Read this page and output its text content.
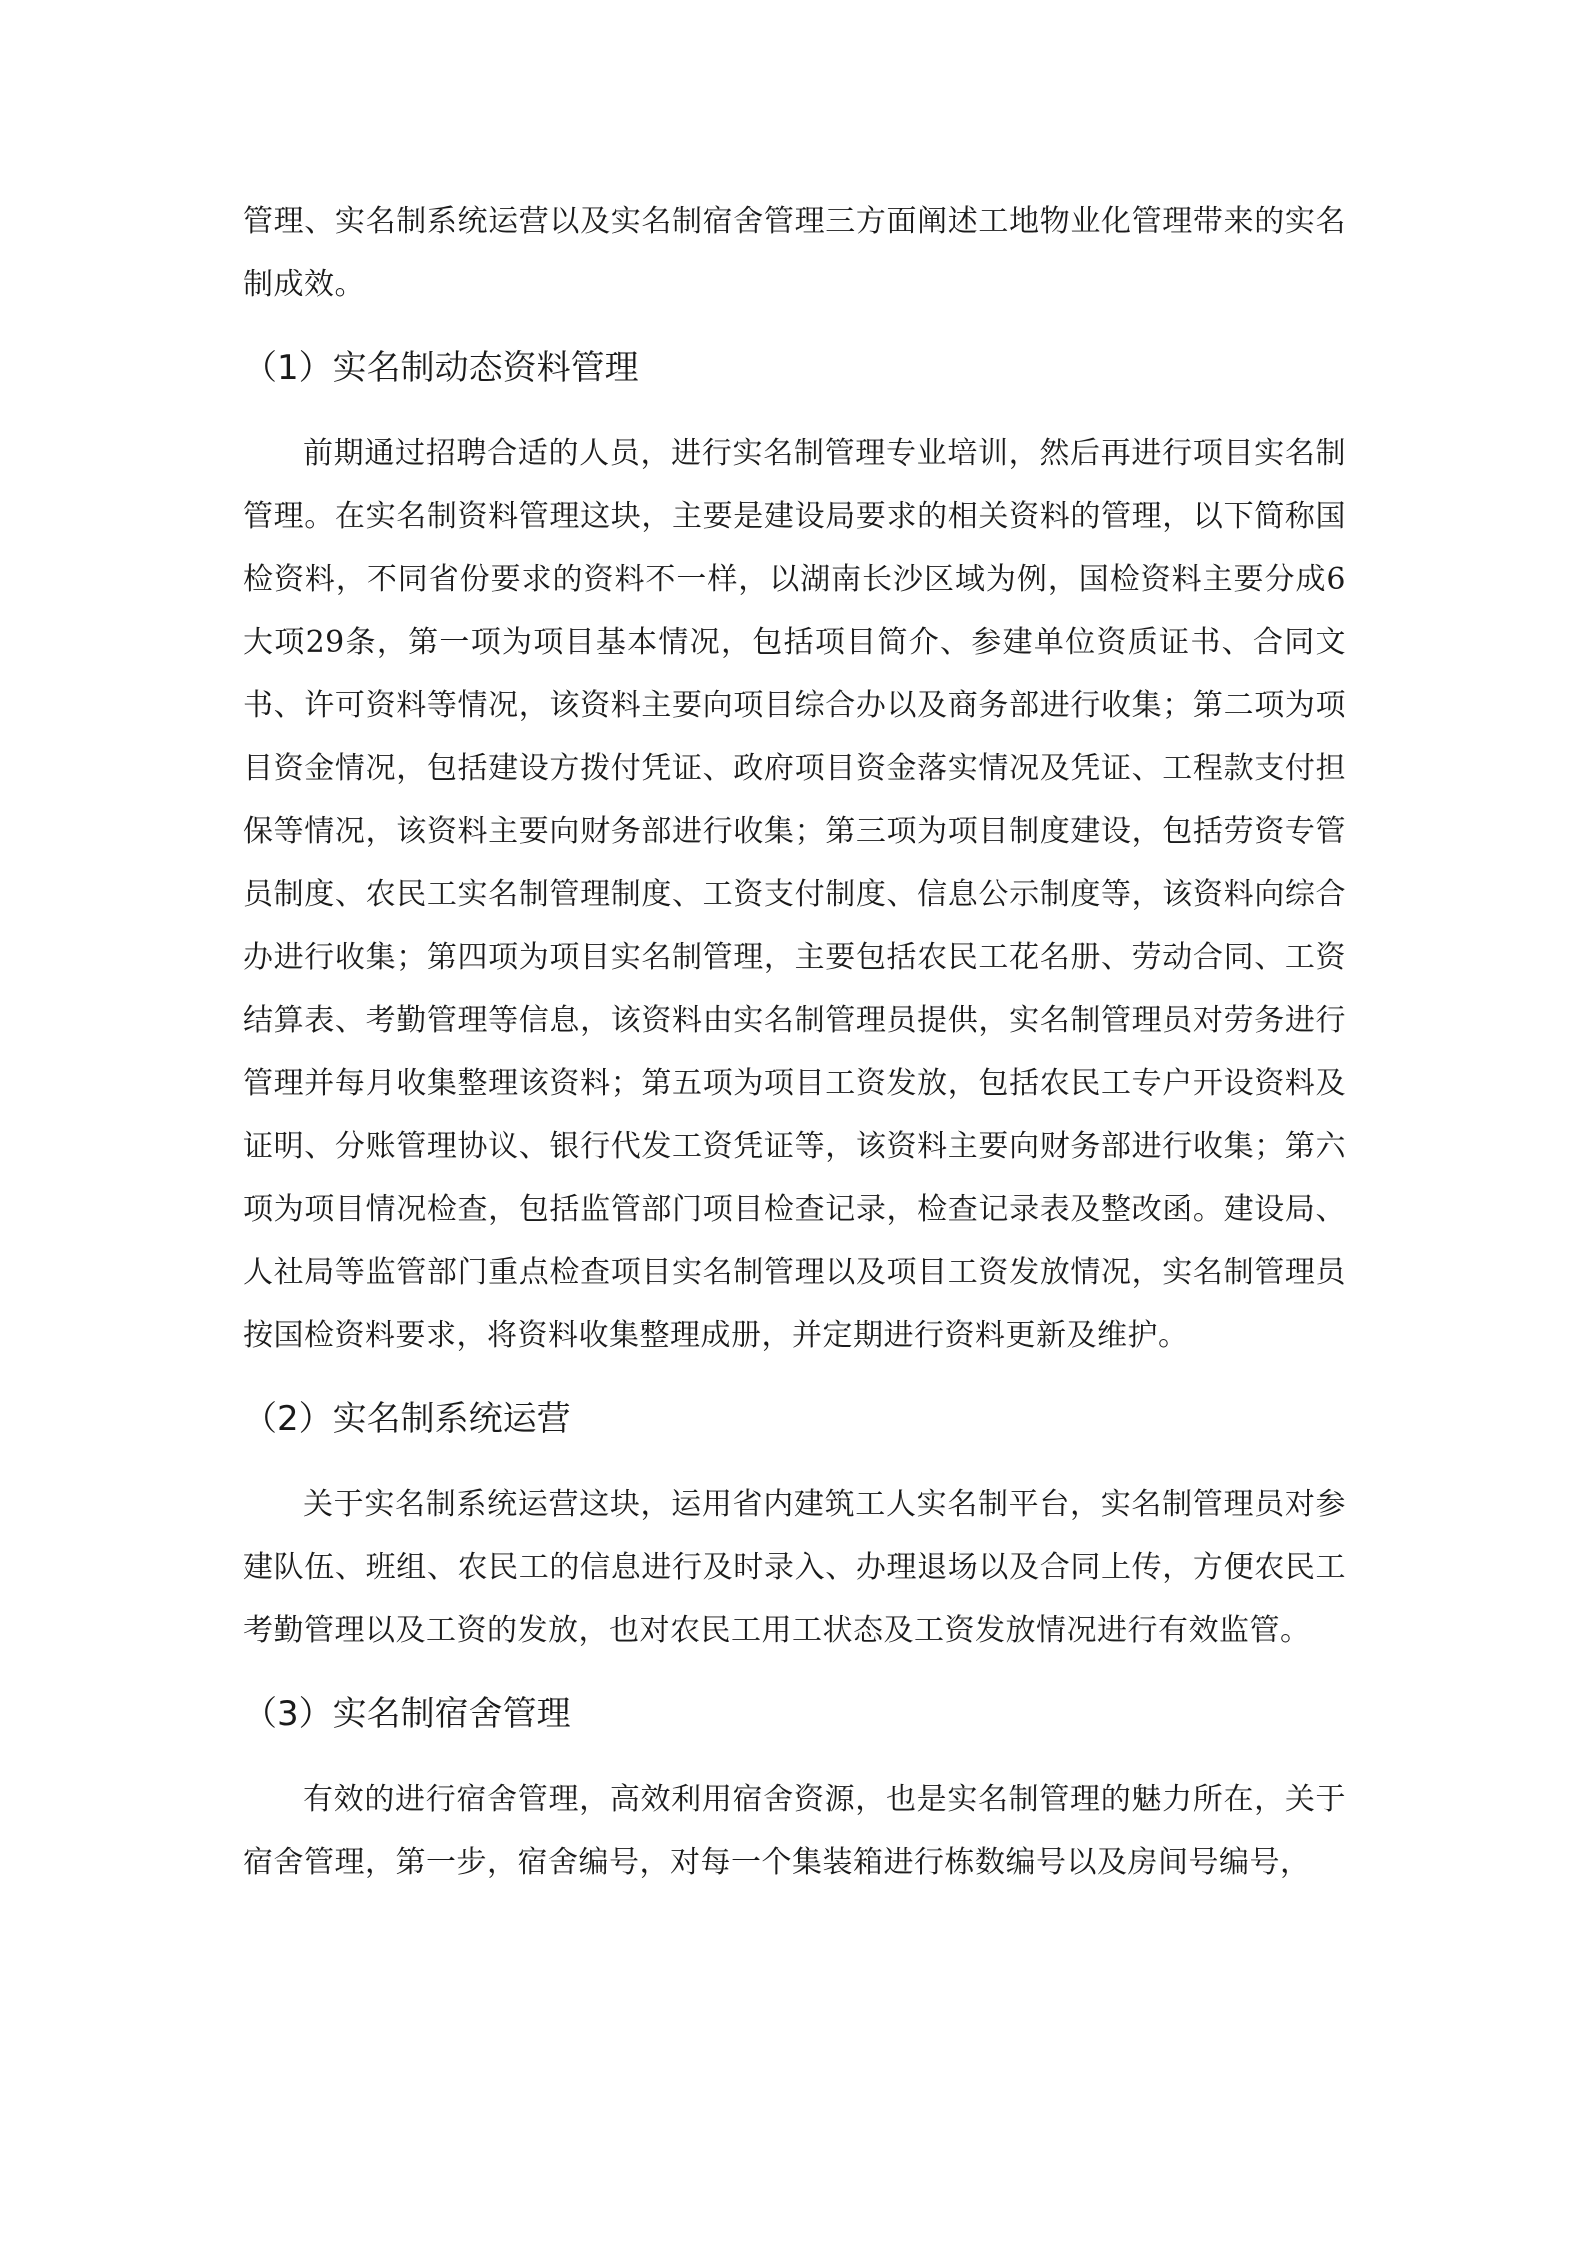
管理、实名制系统运营以及实名制宿舍管理三方面阐述工地物业化管理带来的实名制成效。

（1）实名制动态资料管理

前期通过招聘合适的人员，进行实名制管理专业培训，然后再进行项目实名制管理。在实名制资料管理这块，主要是建设局要求的相关资料的管理，以下简称国检资料，不同省份要求的资料不一样，以湖南长沙区域为例，国检资料主要分成6大项29条，第一项为项目基本情况，包括项目简介、参建单位资质证书、合同文书、许可资料等情况，该资料主要向项目综合办以及商务部进行收集；第二项为项目资金情况，包括建设方拨付凭证、政府项目资金落实情况及凭证、工程款支付担保等情况，该资料主要向财务部进行收集；第三项为项目制度建设，包括劳资专管员制度、农民工实名制管理制度、工资支付制度、信息公示制度等，该资料向综合办进行收集；第四项为项目实名制管理，主要包括农民工花名册、劳动合同、工资结算表、考勤管理等信息，该资料由实名制管理员提供，实名制管理员对劳务进行管理并每月收集整理该资料；第五项为项目工资发放，包括农民工专户开设资料及证明、分账管理协议、银行代发工资凭证等，该资料主要向财务部进行收集；第六项为项目情况检查，包括监管部门项目检查记录，检查记录表及整改函。建设局、人社局等监管部门重点检查项目实名制管理以及项目工资发放情况，实名制管理员按国检资料要求，将资料收集整理成册，并定期进行资料更新及维护。

（2）实名制系统运营

关于实名制系统运营这块，运用省内建筑工人实名制平台，实名制管理员对参建队伍、班组、农民工的信息进行及时录入、办理退场以及合同上传，方便农民工考勤管理以及工资的发放，也对农民工用工状态及工资发放情况进行有效监管。

（3）实名制宿舍管理

有效的进行宿舍管理，高效利用宿舍资源，也是实名制管理的魅力所在，关于宿舍管理，第一步，宿舍编号，对每一个集装箱进行栋数编号以及房间号编号，
